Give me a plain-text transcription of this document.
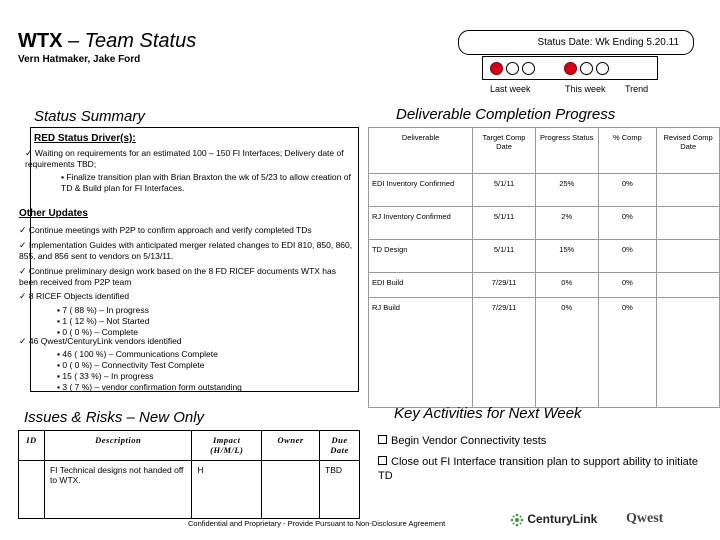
WTX – Team Status
Vern Hatmaker, Jake Ford
Status Date: Wk Ending 5.20.11
Last week	This week Trend
Status Summary
RED Status Driver(s):
✓ Waiting on requirements for an estimated 100 – 150 FI Interfaces; Delivery date of requirements TBD;
▪ Finalize transition plan with Brian Braxton the wk of 5/23 to allow creation of TD & Build plan for FI Interfaces.
Other Updates
✓ Continue meetings with P2P to confirm approach and verify completed TDs
✓ Implementation Guides with anticipated merger related changes to EDI 810, 850, 860, 855, and 856 sent to vendors on 5/13/11.
✓ Continue preliminary design work based on the 8 FD RICEF documents WTX has been received from P2P team
✓ 8 RICEF Objects identified
▪ 7 ( 88 %) – In progress
▪ 1 ( 12 %) – Not Started
▪ 0 ( 0 %) – Complete
✓ 46 Qwest/CenturyLink vendors identified
▪ 46 ( 100 %) – Communications Complete
▪ 0 ( 0 %) – Connectivity Test Complete
▪ 15 ( 33 %) – In progress
▪ 3 ( 7 %) – vendor confirmation form outstanding
Deliverable Completion Progress
Deliverable	Target Comp Date	Progress Status	% Comp	Revised Comp Date
EDI Inventory Confirmed	5/1/11	25%	0%	
RJ Inventory Confirmed	5/1/11	2%	0%	
TD Design	5/1/11	15%	0%	
EDI Build	7/29/11	0%	0%	
RJ Build	7/29/11	0%	0%	
Issues & Risks – New Only
ID	Description	Impact (H/M/L)	Owner	Due Date
	FI Technical designs not handed off to WTX.	H		TBD
Key Activities for Next Week
Begin Vendor Connectivity tests
Close out FI Interface transition plan to support ability to initiate TD
Confidential and Proprietary - Provide Pursuant to Non-Disclosure Agreement	CenturyLink Qwest
